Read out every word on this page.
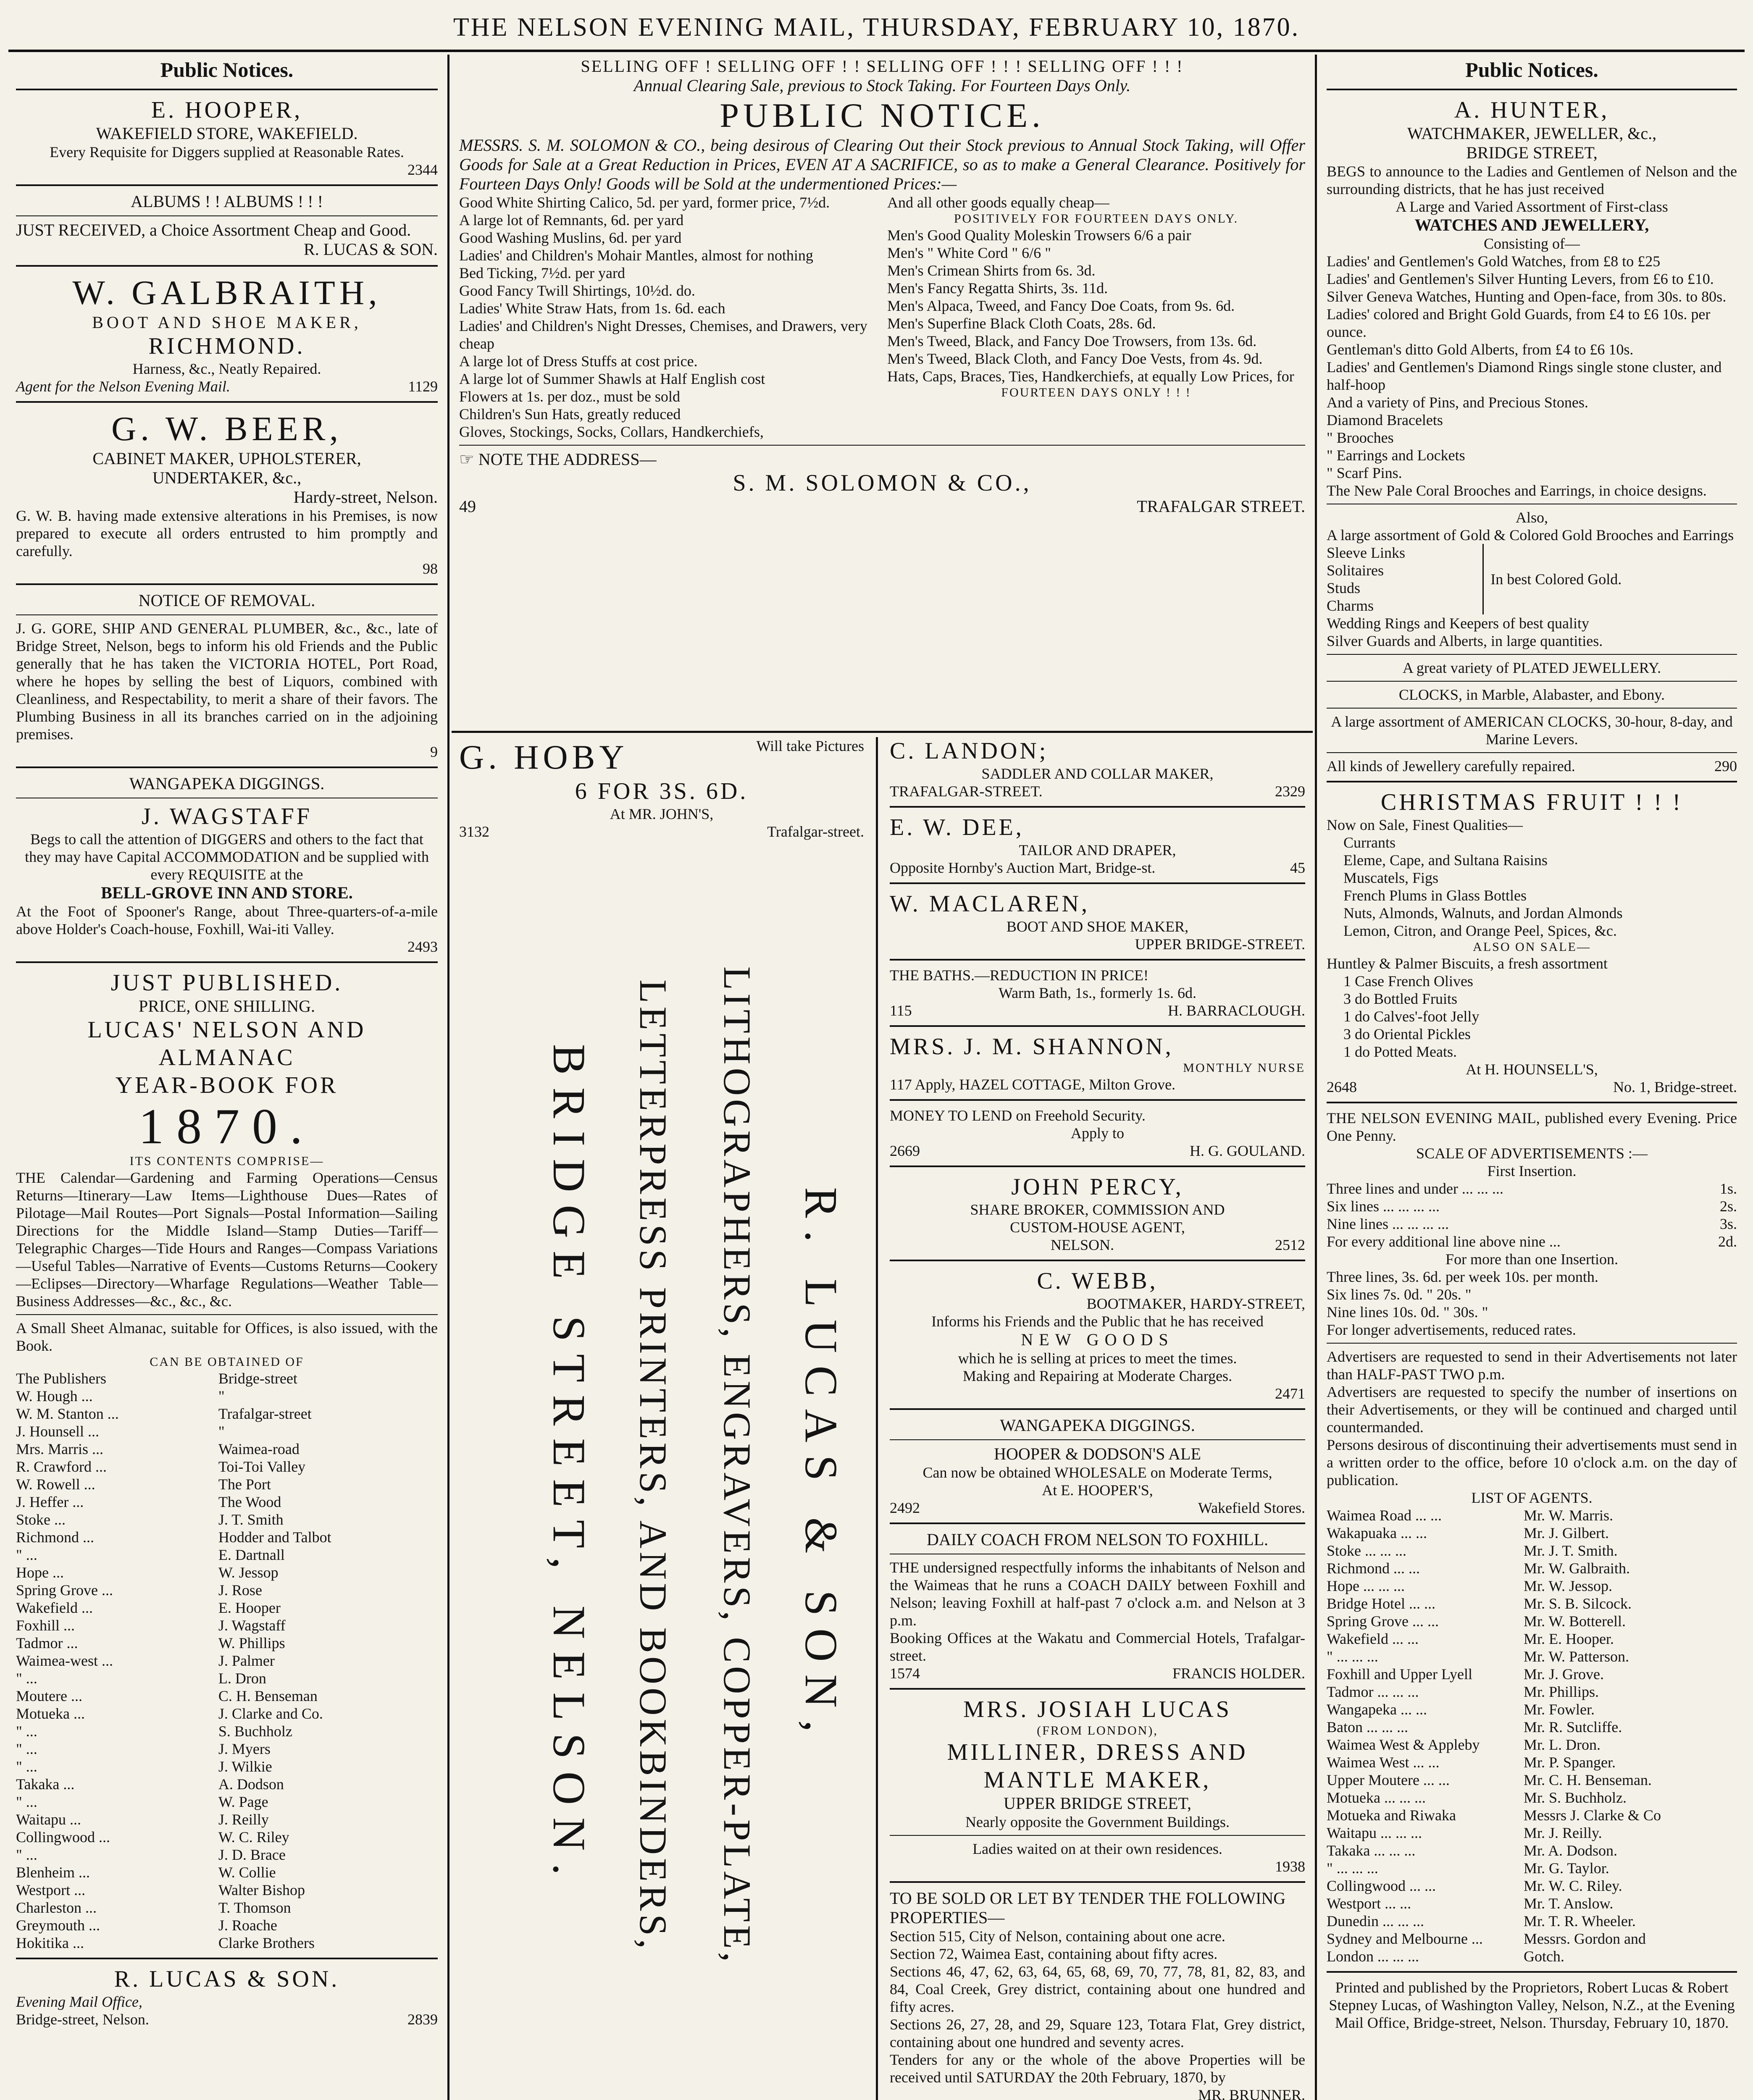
THE NELSON EVENING MAIL, THURSDAY, FEBRUARY 10, 1870.
Public Notices.
E. HOOPER,
WAKEFIELD STORE, WAKEFIELD.
Every Requisite for Diggers supplied at Reasonable Rates.
2344
ALBUMS ! ! ALBUMS ! ! !
JUST RECEIVED, a Choice Assortment Cheap and Good.
R. LUCAS & SON.
W. GALBRAITH,
BOOT AND SHOE MAKER,
RICHMOND.
Harness, &c., Neatly Repaired.
Agent for the Nelson Evening Mail.	1129
G. W. BEER,
CABINET MAKER, UPHOLSTERER,
UNDERTAKER, &c.,
Hardy-street, Nelson.
G. W. B. having made extensive alterations in his Premises, is now prepared to execute all orders entrusted to him promptly and carefully.
98
NOTICE OF REMOVAL.
J. G. GORE, SHIP AND GENERAL PLUMBER, &c., &c., late of Bridge Street, Nelson, begs to inform his old Friends and the Public generally that he has taken the VICTORIA HOTEL, Port Road, where he hopes by selling the best of Liquors, combined with Cleanliness, and Respectability, to merit a share of their favors. The Plumbing Business in all its branches carried on in the adjoining premises.
9
WANGAPEKA DIGGINGS.
J. WAGSTAFF
Begs to call the attention of DIGGERS and others to the fact that they may have Capital ACCOMMODATION and be supplied with every REQUISITE at the
BELL-GROVE INN AND STORE.
At the Foot of Spooner's Range, about Three-quarters-of-a-mile above Holder's Coach-house, Foxhill, Wai-iti Valley.
2493
JUST PUBLISHED.
PRICE, ONE SHILLING.
LUCAS' NELSON AND ALMANAC
YEAR-BOOK FOR
1870.
ITS CONTENTS COMPRISE—
THE Calendar—Gardening and Farming Operations—Census Returns—Itinerary—Law Items—Lighthouse Dues—Rates of Pilotage—Mail Routes—Port Signals—Postal Information—Sailing Directions for the Middle Island—Stamp Duties—Tariff—Telegraphic Charges—Tide Hours and Ranges—Compass Variations—Useful Tables—Narrative of Events—Customs Returns—Cookery—Eclipses—Directory—Wharfage Regulations—Weather Table—Business Addresses—&c., &c., &c.
A Small Sheet Almanac, suitable for Offices, is also issued, with the Book.
CAN BE OBTAINED OF
The Publishers	Bridge-street
W. Hough ...	"
W. M. Stanton ...	Trafalgar-street
J. Hounsell ...	"
Mrs. Marris ...	Waimea-road
R. Crawford ...	Toi-Toi Valley
W. Rowell ...	The Port
J. Heffer ...	The Wood
Stoke ...	J. T. Smith
Richmond ...	Hodder and Talbot
" ...	E. Dartnall
Hope ...	W. Jessop
Spring Grove ...	J. Rose
Wakefield ...	E. Hooper
Foxhill ...	J. Wagstaff
Tadmor ...	W. Phillips
Waimea-west ...	J. Palmer
" ...	L. Dron
Moutere ...	C. H. Benseman
Motueka ...	J. Clarke and Co.
" ...	S. Buchholz
" ...	J. Myers
" ...	J. Wilkie
Takaka ...	A. Dodson
" ...	W. Page
Waitapu ...	J. Reilly
Collingwood ...	W. C. Riley
" ...	J. D. Brace
Blenheim ...	W. Collie
Westport ...	Walter Bishop
Charleston ...	T. Thomson
Greymouth ...	J. Roache
Hokitika ...	Clarke Brothers
R. LUCAS & SON.
Evening Mail Office,
Bridge-street, Nelson.	2839
SELLING OFF ! SELLING OFF ! ! SELLING OFF ! ! ! SELLING OFF ! ! !
Annual Clearing Sale, previous to Stock Taking. For Fourteen Days Only.
PUBLIC NOTICE.
MESSRS. S. M. SOLOMON & CO., being desirous of Clearing Out their Stock previous to Annual Stock Taking, will Offer Goods for Sale at a Great Reduction in Prices, EVEN AT A SACRIFICE, so as to make a General Clearance. Positively for Fourteen Days Only! Goods will be Sold at the undermentioned Prices:—
Good White Shirting Calico, 5d. per yard, former price, 7½d.
A large lot of Remnants, 6d. per yard
Good Washing Muslins, 6d. per yard
Ladies' and Children's Mohair Mantles, almost for nothing
Bed Ticking, 7½d. per yard
Good Fancy Twill Shirtings, 10½d. do.
Ladies' White Straw Hats, from 1s. 6d. each
Ladies' and Children's Night Dresses, Chemises, and Drawers, very cheap
A large lot of Dress Stuffs at cost price.
A large lot of Summer Shawls at Half English cost
Flowers at 1s. per doz., must be sold
Children's Sun Hats, greatly reduced
Gloves, Stockings, Socks, Collars, Handkerchiefs,
And all other goods equally cheap—
POSITIVELY FOR FOURTEEN DAYS ONLY.
Men's Good Quality Moleskin Trowsers 6/6 a pair
Men's " White Cord " 6/6 "
Men's Crimean Shirts from 6s. 3d.
Men's Fancy Regatta Shirts, 3s. 11d.
Men's Alpaca, Tweed, and Fancy Doe Coats, from 9s. 6d.
Men's Superfine Black Cloth Coats, 28s. 6d.
Men's Tweed, Black, and Fancy Doe Trowsers, from 13s. 6d.
Men's Tweed, Black Cloth, and Fancy Doe Vests, from 4s. 9d.
Hats, Caps, Braces, Ties, Handkerchiefs, at equally Low Prices, for
FOURTEEN DAYS ONLY ! ! !
☞ NOTE THE ADDRESS—
S. M. SOLOMON & CO.,
49	TRAFALGAR STREET.
G. HOBY	Will take Pictures
6 FOR 3S. 6D.
At MR. JOHN'S,
3132	Trafalgar-street.
R. LUCAS & SON,
LITHOGRAPHERS, ENGRAVERS, COPPER-PLATE,
LETTERPRESS PRINTERS, AND BOOKBINDERS,
BRIDGE STREET, NELSON.
C. LANDON;
SADDLER AND COLLAR MAKER,
TRAFALGAR-STREET.	2329
E. W. DEE,
TAILOR AND DRAPER,
Opposite Hornby's Auction Mart, Bridge-st.	45
W. MACLAREN,
BOOT AND SHOE MAKER,
UPPER BRIDGE-STREET.
THE BATHS.—REDUCTION IN PRICE!
Warm Bath, 1s., formerly 1s. 6d.
115	H. BARRACLOUGH.
MRS. J. M. SHANNON,
MONTHLY NURSE
117 Apply, HAZEL COTTAGE, Milton Grove.
MONEY TO LEND on Freehold Security.
Apply to
2669	H. G. GOULAND.
JOHN PERCY,
SHARE BROKER, COMMISSION AND
CUSTOM-HOUSE AGENT,
NELSON.	2512
C. WEBB,
BOOTMAKER, HARDY-STREET,
Informs his Friends and the Public that he has received
NEW GOODS
which he is selling at prices to meet the times.
Making and Repairing at Moderate Charges.
2471
WANGAPEKA DIGGINGS.
HOOPER & DODSON'S ALE
Can now be obtained WHOLESALE on Moderate Terms,
At E. HOOPER'S,
2492	Wakefield Stores.
DAILY COACH FROM NELSON TO FOXHILL.
THE undersigned respectfully informs the inhabitants of Nelson and the Waimeas that he runs a COACH DAILY between Foxhill and Nelson; leaving Foxhill at half-past 7 o'clock a.m. and Nelson at 3 p.m.
Booking Offices at the Wakatu and Commercial Hotels, Trafalgar-street.
1574	FRANCIS HOLDER.
MRS. JOSIAH LUCAS
(FROM LONDON),
MILLINER, DRESS AND MANTLE MAKER,
UPPER BRIDGE STREET,
Nearly opposite the Government Buildings.
Ladies waited on at their own residences.
1938
TO BE SOLD OR LET BY TENDER THE FOLLOWING PROPERTIES—
Section 515, City of Nelson, containing about one acre.
Section 72, Waimea East, containing about fifty acres.
Sections 46, 47, 62, 63, 64, 65, 68, 69, 70, 77, 78, 81, 82, 83, and 84, Coal Creek, Grey district, containing about one hundred and fifty acres.
Sections 26, 27, 28, and 29, Square 123, Totara Flat, Grey district, containing about one hundred and seventy acres.
Tenders for any or the whole of the above Properties will be received until SATURDAY the 20th February, 1870, by
MR. BRUNNER.
Public Notices.
A. HUNTER,
WATCHMAKER, JEWELLER, &c.,
BRIDGE STREET,
BEGS to announce to the Ladies and Gentlemen of Nelson and the surrounding districts, that he has just received
A Large and Varied Assortment of First-class
WATCHES AND JEWELLERY,
Consisting of—
Ladies' and Gentlemen's Gold Watches, from £8 to £25
Ladies' and Gentlemen's Silver Hunting Levers, from £6 to £10.
Silver Geneva Watches, Hunting and Open-face, from 30s. to 80s.
Ladies' colored and Bright Gold Guards, from £4 to £6 10s. per ounce.
Gentleman's ditto Gold Alberts, from £4 to £6 10s.
Ladies' and Gentlemen's Diamond Rings single stone cluster, and half-hoop
And a variety of Pins, and Precious Stones.
Diamond Bracelets
" Brooches
" Earrings and Lockets
" Scarf Pins.
The New Pale Coral Brooches and Earrings, in choice designs.
Also,
A large assortment of Gold & Colored Gold Brooches and Earrings
Sleeve Links
Solitaires
Studs
Charms
In best Colored Gold.
Wedding Rings and Keepers of best quality
Silver Guards and Alberts, in large quantities.
A great variety of PLATED JEWELLERY.
CLOCKS, in Marble, Alabaster, and Ebony.
A large assortment of AMERICAN CLOCKS, 30-hour, 8-day, and Marine Levers.
All kinds of Jewellery carefully repaired.	290
CHRISTMAS FRUIT ! ! !
Now on Sale, Finest Qualities—
Currants
Eleme, Cape, and Sultana Raisins
Muscatels, Figs
French Plums in Glass Bottles
Nuts, Almonds, Walnuts, and Jordan Almonds
Lemon, Citron, and Orange Peel, Spices, &c.
ALSO ON SALE—
Huntley & Palmer Biscuits, a fresh assortment
1 Case French Olives
3 do Bottled Fruits
1 do Calves'-foot Jelly
3 do Oriental Pickles
1 do Potted Meats.
At H. HOUNSELL'S,
2648	No. 1, Bridge-street.
THE NELSON EVENING MAIL, published every Evening. Price One Penny.
SCALE OF ADVERTISEMENTS :—
First Insertion.
Three lines and under ... ... ...	1s.
Six lines ... ... ... ...	2s.
Nine lines ... ... ... ...	3s.
For every additional line above nine ...	2d.
For more than one Insertion.
Three lines, 3s. 6d. per week 10s. per month.
Six lines 7s. 0d. " 20s. "
Nine lines 10s. 0d. " 30s. "
For longer advertisements, reduced rates.
Advertisers are requested to send in their Advertisements not later than HALF-PAST TWO p.m.
Advertisers are requested to specify the number of insertions on their Advertisements, or they will be continued and charged until countermanded.
Persons desirous of discontinuing their advertisements must send in a written order to the office, before 10 o'clock a.m. on the day of publication.
LIST OF AGENTS.
Waimea Road ... ...	Mr. W. Marris.
Wakapuaka ... ...	Mr. J. Gilbert.
Stoke ... ... ...	Mr. J. T. Smith.
Richmond ... ...	Mr. W. Galbraith.
Hope ... ... ...	Mr. W. Jessop.
Bridge Hotel ... ...	Mr. S. B. Silcock.
Spring Grove ... ...	Mr. W. Botterell.
Wakefield ... ...	Mr. E. Hooper.
" ... ... ...	Mr. W. Patterson.
Foxhill and Upper Lyell	Mr. J. Grove.
Tadmor ... ... ...	Mr. Phillips.
Wangapeka ... ...	Mr. Fowler.
Baton ... ... ...	Mr. R. Sutcliffe.
Waimea West & Appleby	Mr. L. Dron.
Waimea West ... ...	Mr. P. Spanger.
Upper Moutere ... ...	Mr. C. H. Benseman.
Motueka ... ... ...	Mr. S. Buchholz.
Motueka and Riwaka	Messrs J. Clarke & Co
Waitapu ... ... ...	Mr. J. Reilly.
Takaka ... ... ...	Mr. A. Dodson.
" ... ... ...	Mr. G. Taylor.
Collingwood ... ...	Mr. W. C. Riley.
Westport ... ...	Mr. T. Anslow.
Dunedin ... ... ...	Mr. T. R. Wheeler.
Sydney and Melbourne ...	Messrs. Gordon and
London ... ... ...	Gotch.
Printed and published by the Proprietors, Robert Lucas & Robert Stepney Lucas, of Washington Valley, Nelson, N.Z., at the Evening Mail Office, Bridge-street, Nelson. Thursday, February 10, 1870.
